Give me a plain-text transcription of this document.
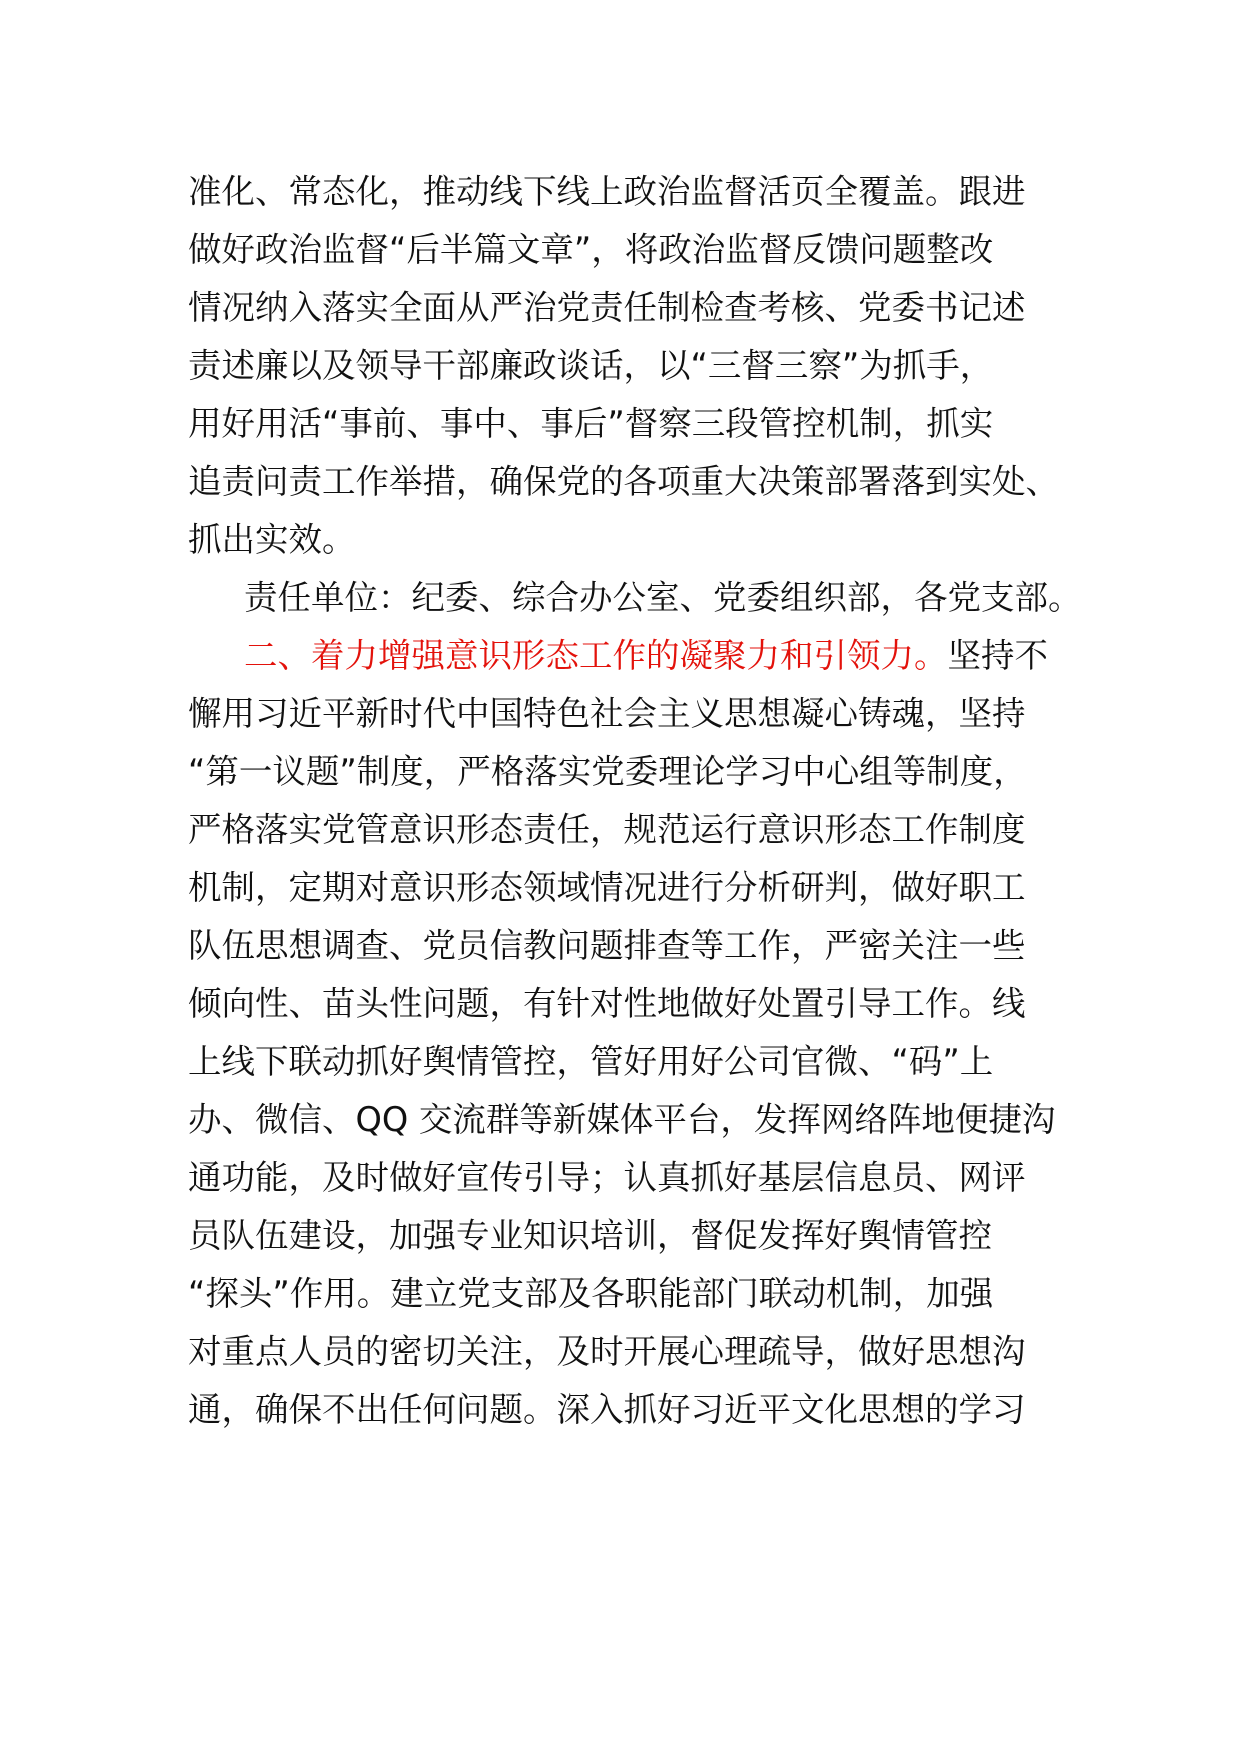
准化、常态化，推动线下线上政治监督活页全覆盖。跟进
做好政治监督“后半篇文章”，将政治监督反馈问题整改
情况纳入落实全面从严治党责任制检查考核、党委书记述
责述廉以及领导干部廉政谈话，以“三督三察”为抓手，
用好用活“事前、事中、事后”督察三段管控机制，抓实
追责问责工作举措，确保党的各项重大决策部署落到实处、
抓出实效。
责任单位：纪委、综合办公室、党委组织部，各党支部。
二、着力增强意识形态工作的凝聚力和引领力。坚持不
懈用习近平新时代中国特色社会主义思想凝心铸魂，坚持
“第一议题”制度，严格落实党委理论学习中心组等制度，
严格落实党管意识形态责任，规范运行意识形态工作制度
机制，定期对意识形态领域情况进行分析研判，做好职工
队伍思想调查、党员信教问题排查等工作，严密关注一些
倾向性、苗头性问题，有针对性地做好处置引导工作。线
上线下联动抓好舆情管控，管好用好公司官微、“码”上
办、微信、QQ 交流群等新媒体平台，发挥网络阵地便捷沟
通功能，及时做好宣传引导；认真抓好基层信息员、网评
员队伍建设，加强专业知识培训，督促发挥好舆情管控
“探头”作用。建立党支部及各职能部门联动机制，加强
对重点人员的密切关注，及时开展心理疏导，做好思想沟
通，确保不出任何问题。深入抓好习近平文化思想的学习
